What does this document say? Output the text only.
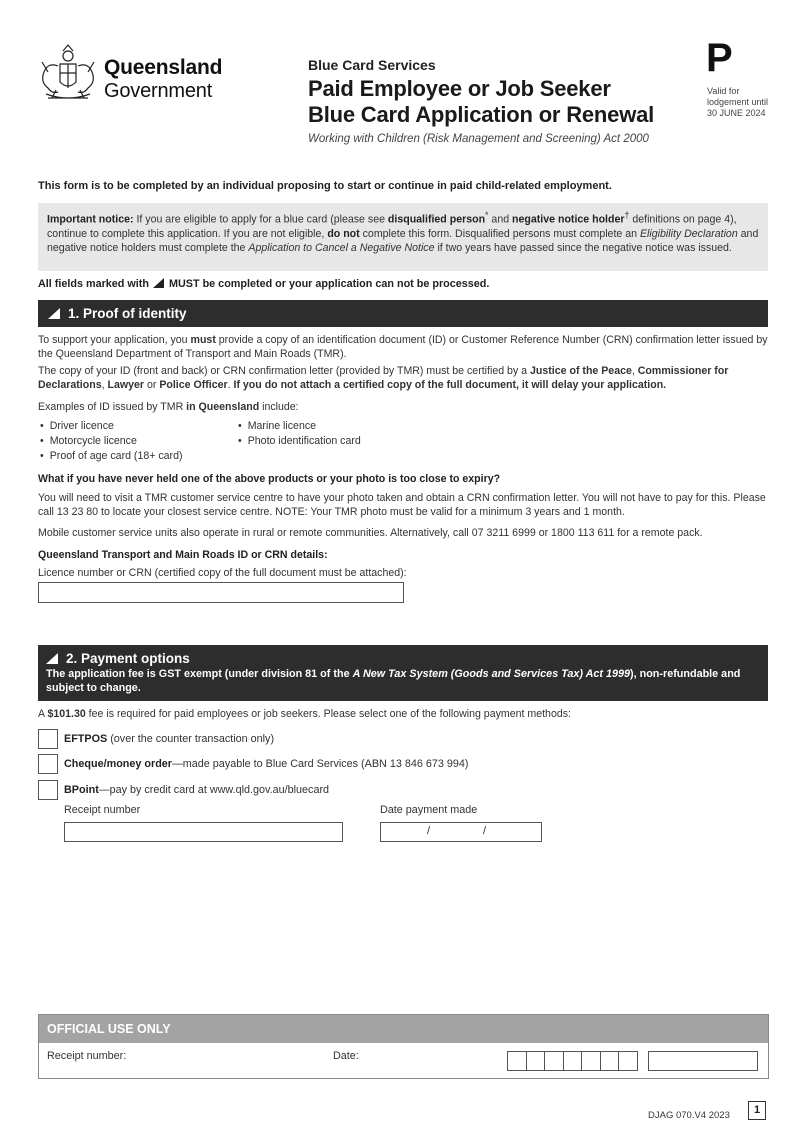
Queensland
Government
Blue Card Services
Paid Employee or Job Seeker
Blue Card Application or Renewal
Working with Children (Risk Management and Screening) Act 2000
P
Valid for
lodgement until
30 JUNE 2024
This form is to be completed by an individual proposing to start or continue in paid child-related employment.
Important notice: If you are eligible to apply for a blue card (please see disqualified person* and negative notice holder† definitions on page 4), continue to complete this application. If you are not eligible, do not complete this form. Disqualified persons must complete an Eligibility Declaration and negative notice holders must complete the Application to Cancel a Negative Notice if two years have passed since the negative notice was issued.
All fields marked with MUST be completed or your application can not be processed.
1. Proof of identity
To support your application, you must provide a copy of an identification document (ID) or Customer Reference Number (CRN) confirmation letter issued by the Queensland Department of Transport and Main Roads (TMR).
The copy of your ID (front and back) or CRN confirmation letter (provided by TMR) must be certified by a Justice of the Peace, Commissioner for Declarations, Lawyer or Police Officer. If you do not attach a certified copy of the full document, it will delay your application.
Examples of ID issued by TMR in Queensland include:
• Driver licence
• Motorcycle licence
• Proof of age card (18+ card)
• Marine licence
• Photo identification card
What if you have never held one of the above products or your photo is too close to expiry?
You will need to visit a TMR customer service centre to have your photo taken and obtain a CRN confirmation letter. You will not have to pay for this. Please call 13 23 80 to locate your closest service centre. NOTE: Your TMR photo must be valid for a minimum 3 years and 1 month.
Mobile customer service units also operate in rural or remote communities. Alternatively, call 07 3211 6999 or 1800 113 611 for a remote pack.
Queensland Transport and Main Roads ID or CRN details:
Licence number or CRN (certified copy of the full document must be attached):
2. Payment options
The application fee is GST exempt (under division 81 of the A New Tax System (Goods and Services Tax) Act 1999), non-refundable and subject to change.
A $101.30 fee is required for paid employees or job seekers. Please select one of the following payment methods:
EFTPOS (over the counter transaction only)
Cheque/money order—made payable to Blue Card Services (ABN 13 846 673 994)
BPoint—pay by credit card at www.qld.gov.au/bluecard
Receipt number	Date payment made
/	/
OFFICIAL USE ONLY
Receipt number:	Date:
DJAG 070.V4 2023	1
